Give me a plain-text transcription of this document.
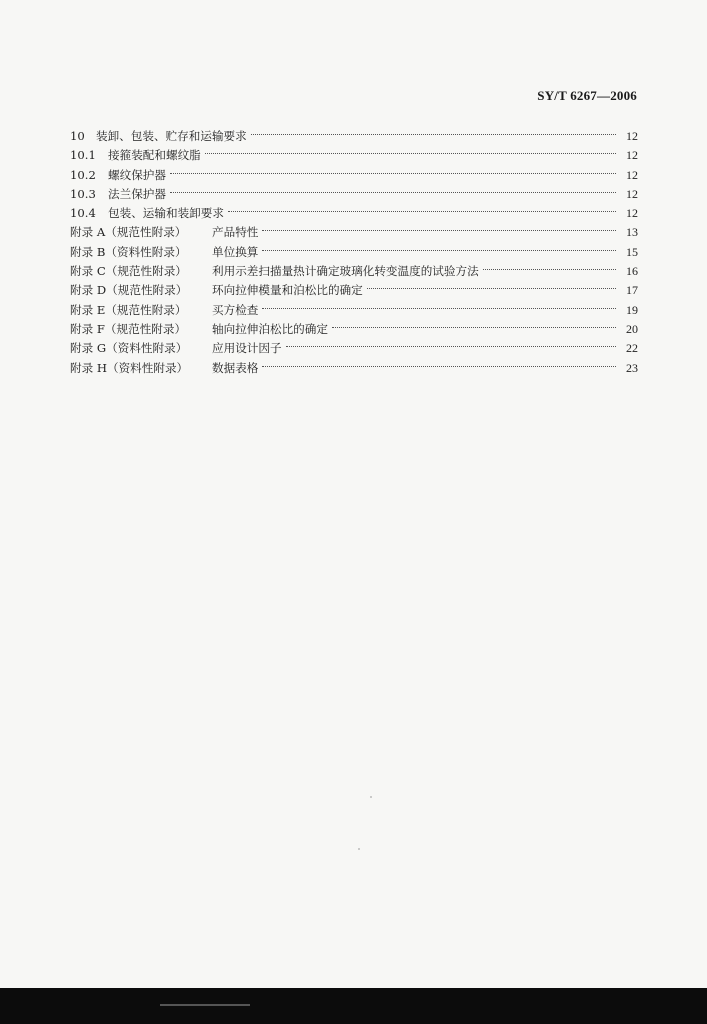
SY/T 6267—2006
10 装卸、包装、贮存和运输要求	12
10.1	接箍装配和螺纹脂	12
10.2	螺纹保护器	12
10.3	法兰保护器	12
10.4	包装、运输和装卸要求	12
附录 A（规范性附录）	产品特性	13
附录 B（资料性附录）	单位换算	15
附录 C（规范性附录）	利用示差扫描量热计确定玻璃化转变温度的试验方法	16
附录 D（规范性附录）	环向拉伸模量和泊松比的确定	17
附录 E（规范性附录）	买方检查	19
附录 F（规范性附录）	轴向拉伸泊松比的确定	20
附录 G（资料性附录）	应用设计因子	22
附录 H（资料性附录）	数据表格	23
